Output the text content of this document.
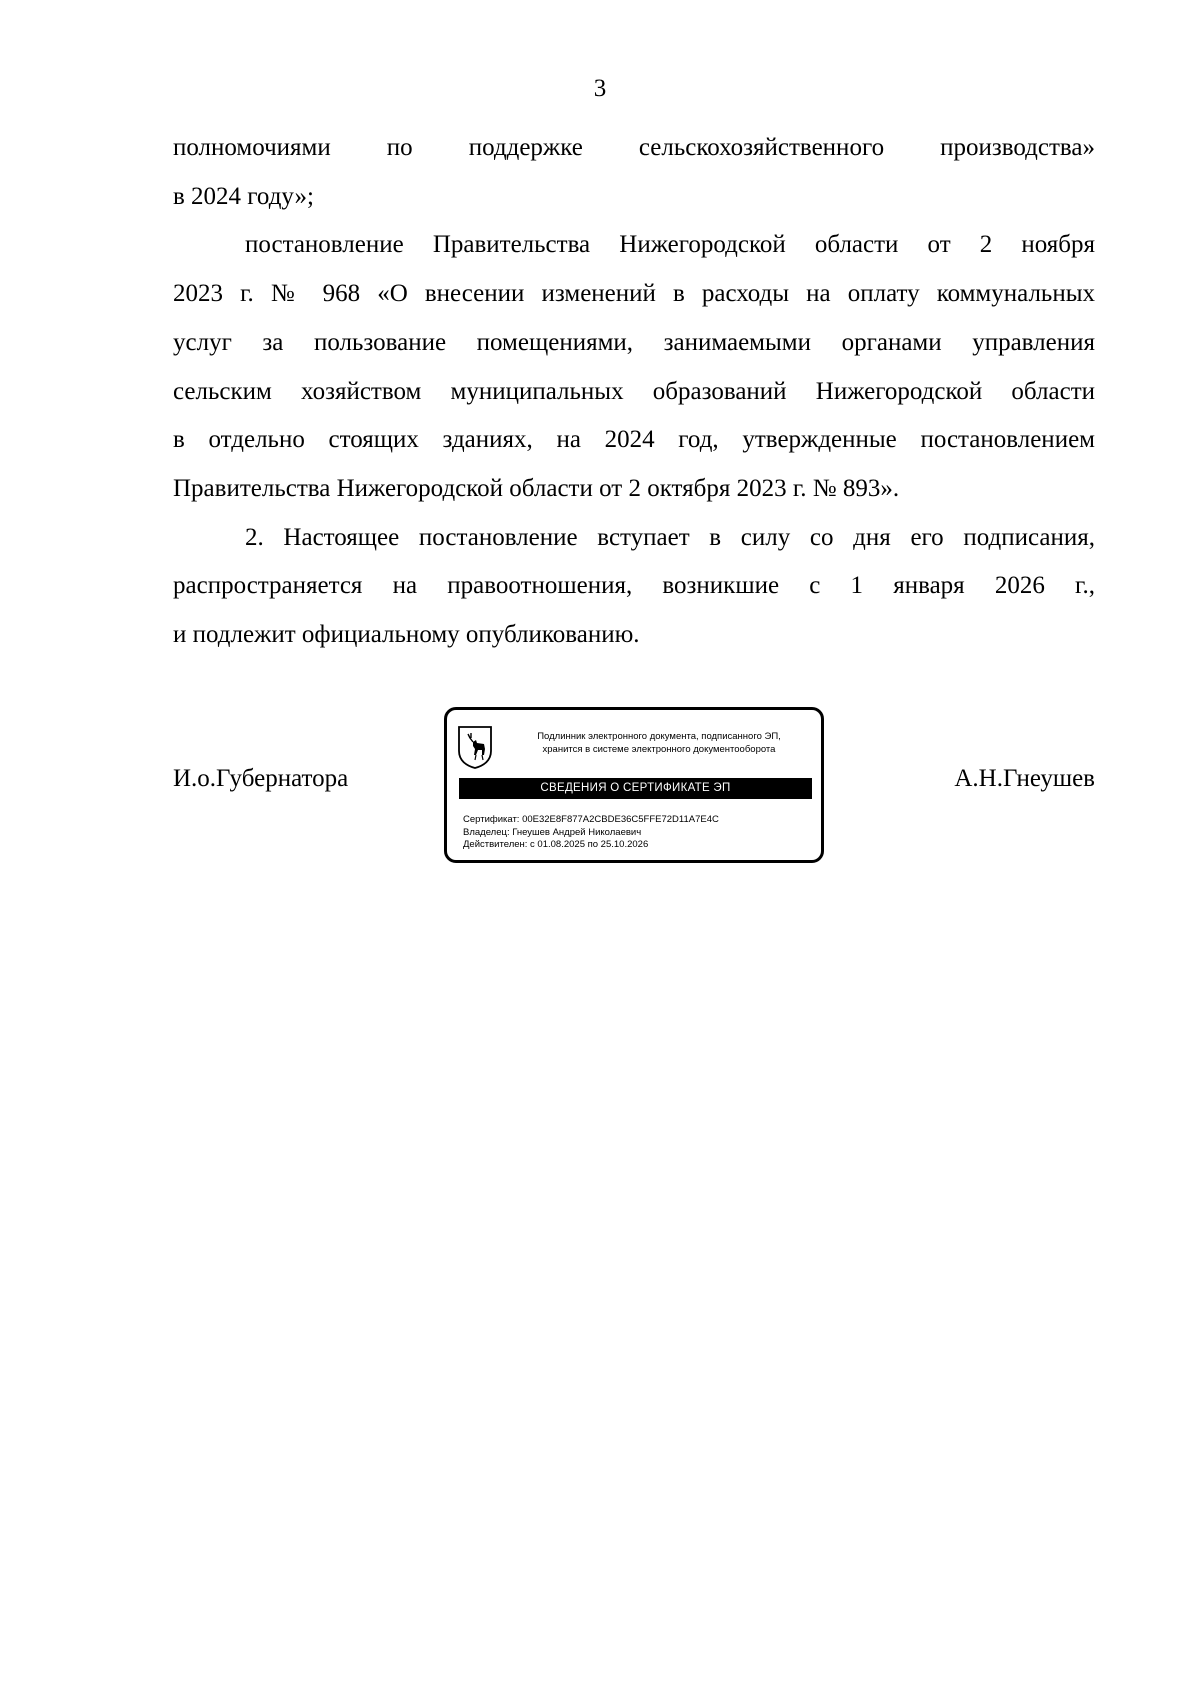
3

полномочиями по поддержке сельскохозяйственного производства»
в 2024 году»;

постановление Правительства Нижегородской области от 2 ноября
2023 г. № 968 «О внесении изменений в расходы на оплату коммунальных
услуг за пользование помещениями, занимаемыми органами управления
сельским хозяйством муниципальных образований Нижегородской области
в отдельно стоящих зданиях, на 2024 год, утвержденные постановлением
Правительства Нижегородской области от 2 октября 2023 г. № 893».

2. Настоящее постановление вступает в силу со дня его подписания,
распространяется на правоотношения, возникшие с 1 января 2026 г.,
и подлежит официальному опубликованию.

И.о.Губернатора
Подлинник электронного документа, подписанного ЭП,
хранится в системе электронного документооборота
СВЕДЕНИЯ О СЕРТИФИКАТЕ ЭП
Сертификат: 00E32E8F877A2CBDE36C5FFE72D11A7E4C
Владелец: Гнеушев Андрей Николаевич
Действителен: с 01.08.2025 по 25.10.2026
А.Н.Гнеушев
